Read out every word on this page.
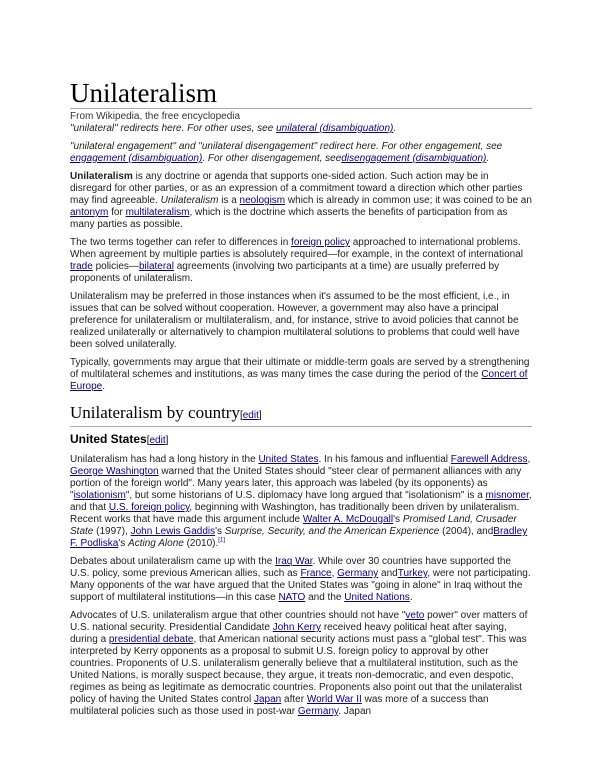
Unilateralism
From Wikipedia, the free encyclopedia

"unilateral" redirects here. For other uses, see unilateral (disambiguation).

"unilateral engagement" and "unilateral disengagement" redirect here. For other engagement, see engagement (disambiguation). For other disengagement, seedisengagement (disambiguation).

Unilateralism is any doctrine or agenda that supports one-sided action. Such action may be in disregard for other parties, or as an expression of a commitment toward a direction which other parties may find agreeable. Unilateralism is a neologism which is already in common use; it was coined to be an antonym for multilateralism, which is the doctrine which asserts the benefits of participation from as many parties as possible.

The two terms together can refer to differences in foreign policy approached to international problems. When agreement by multiple parties is absolutely required—for example, in the context of international trade policies—bilateral agreements (involving two participants at a time) are usually preferred by proponents of unilateralism.

Unilateralism may be preferred in those instances when it's assumed to be the most efficient, i.e., in issues that can be solved without cooperation. However, a government may also have a principal preference for unilateralism or multilateralism, and, for instance, strive to avoid policies that cannot be realized unilaterally or alternatively to champion multilateral solutions to problems that could well have been solved unilaterally.

Typically, governments may argue that their ultimate or middle-term goals are served by a strengthening of multilateral schemes and institutions, as was many times the case during the period of the Concert of Europe.

Unilateralism by country[edit]
United States[edit]

Unilateralism has had a long history in the United States. In his famous and influential Farewell Address, George Washington warned that the United States should "steer clear of permanent alliances with any portion of the foreign world". Many years later, this approach was labeled (by its opponents) as "isolationism", but some historians of U.S. diplomacy have long argued that "isolationism" is a misnomer, and that U.S. foreign policy, beginning with Washington, has traditionally been driven by unilateralism. Recent works that have made this argument include Walter A. McDougall's Promised Land, Crusader State (1997), John Lewis Gaddis's Surprise, Security, and the American Experience (2004), andBradley F. Podliska's Acting Alone (2010).[1]

Debates about unilateralism came up with the Iraq War. While over 30 countries have supported the U.S. policy, some previous American allies, such as France, Germany andTurkey, were not participating. Many opponents of the war have argued that the United States was "going in alone" in Iraq without the support of multilateral institutions—in this case NATO and the United Nations.

Advocates of U.S. unilateralism argue that other countries should not have "veto power" over matters of U.S. national security. Presidential Candidate John Kerry received heavy political heat after saying, during a presidential debate, that American national security actions must pass a "global test". This was interpreted by Kerry opponents as a proposal to submit U.S. foreign policy to approval by other countries. Proponents of U.S. unilateralism generally believe that a multilateral institution, such as the United Nations, is morally suspect because, they argue, it treats non-democratic, and even despotic, regimes as being as legitimate as democratic countries. Proponents also point out that the unilateralist policy of having the United States control Japan after World War II was more of a success than multilateral policies such as those used in post-war Germany. Japan
